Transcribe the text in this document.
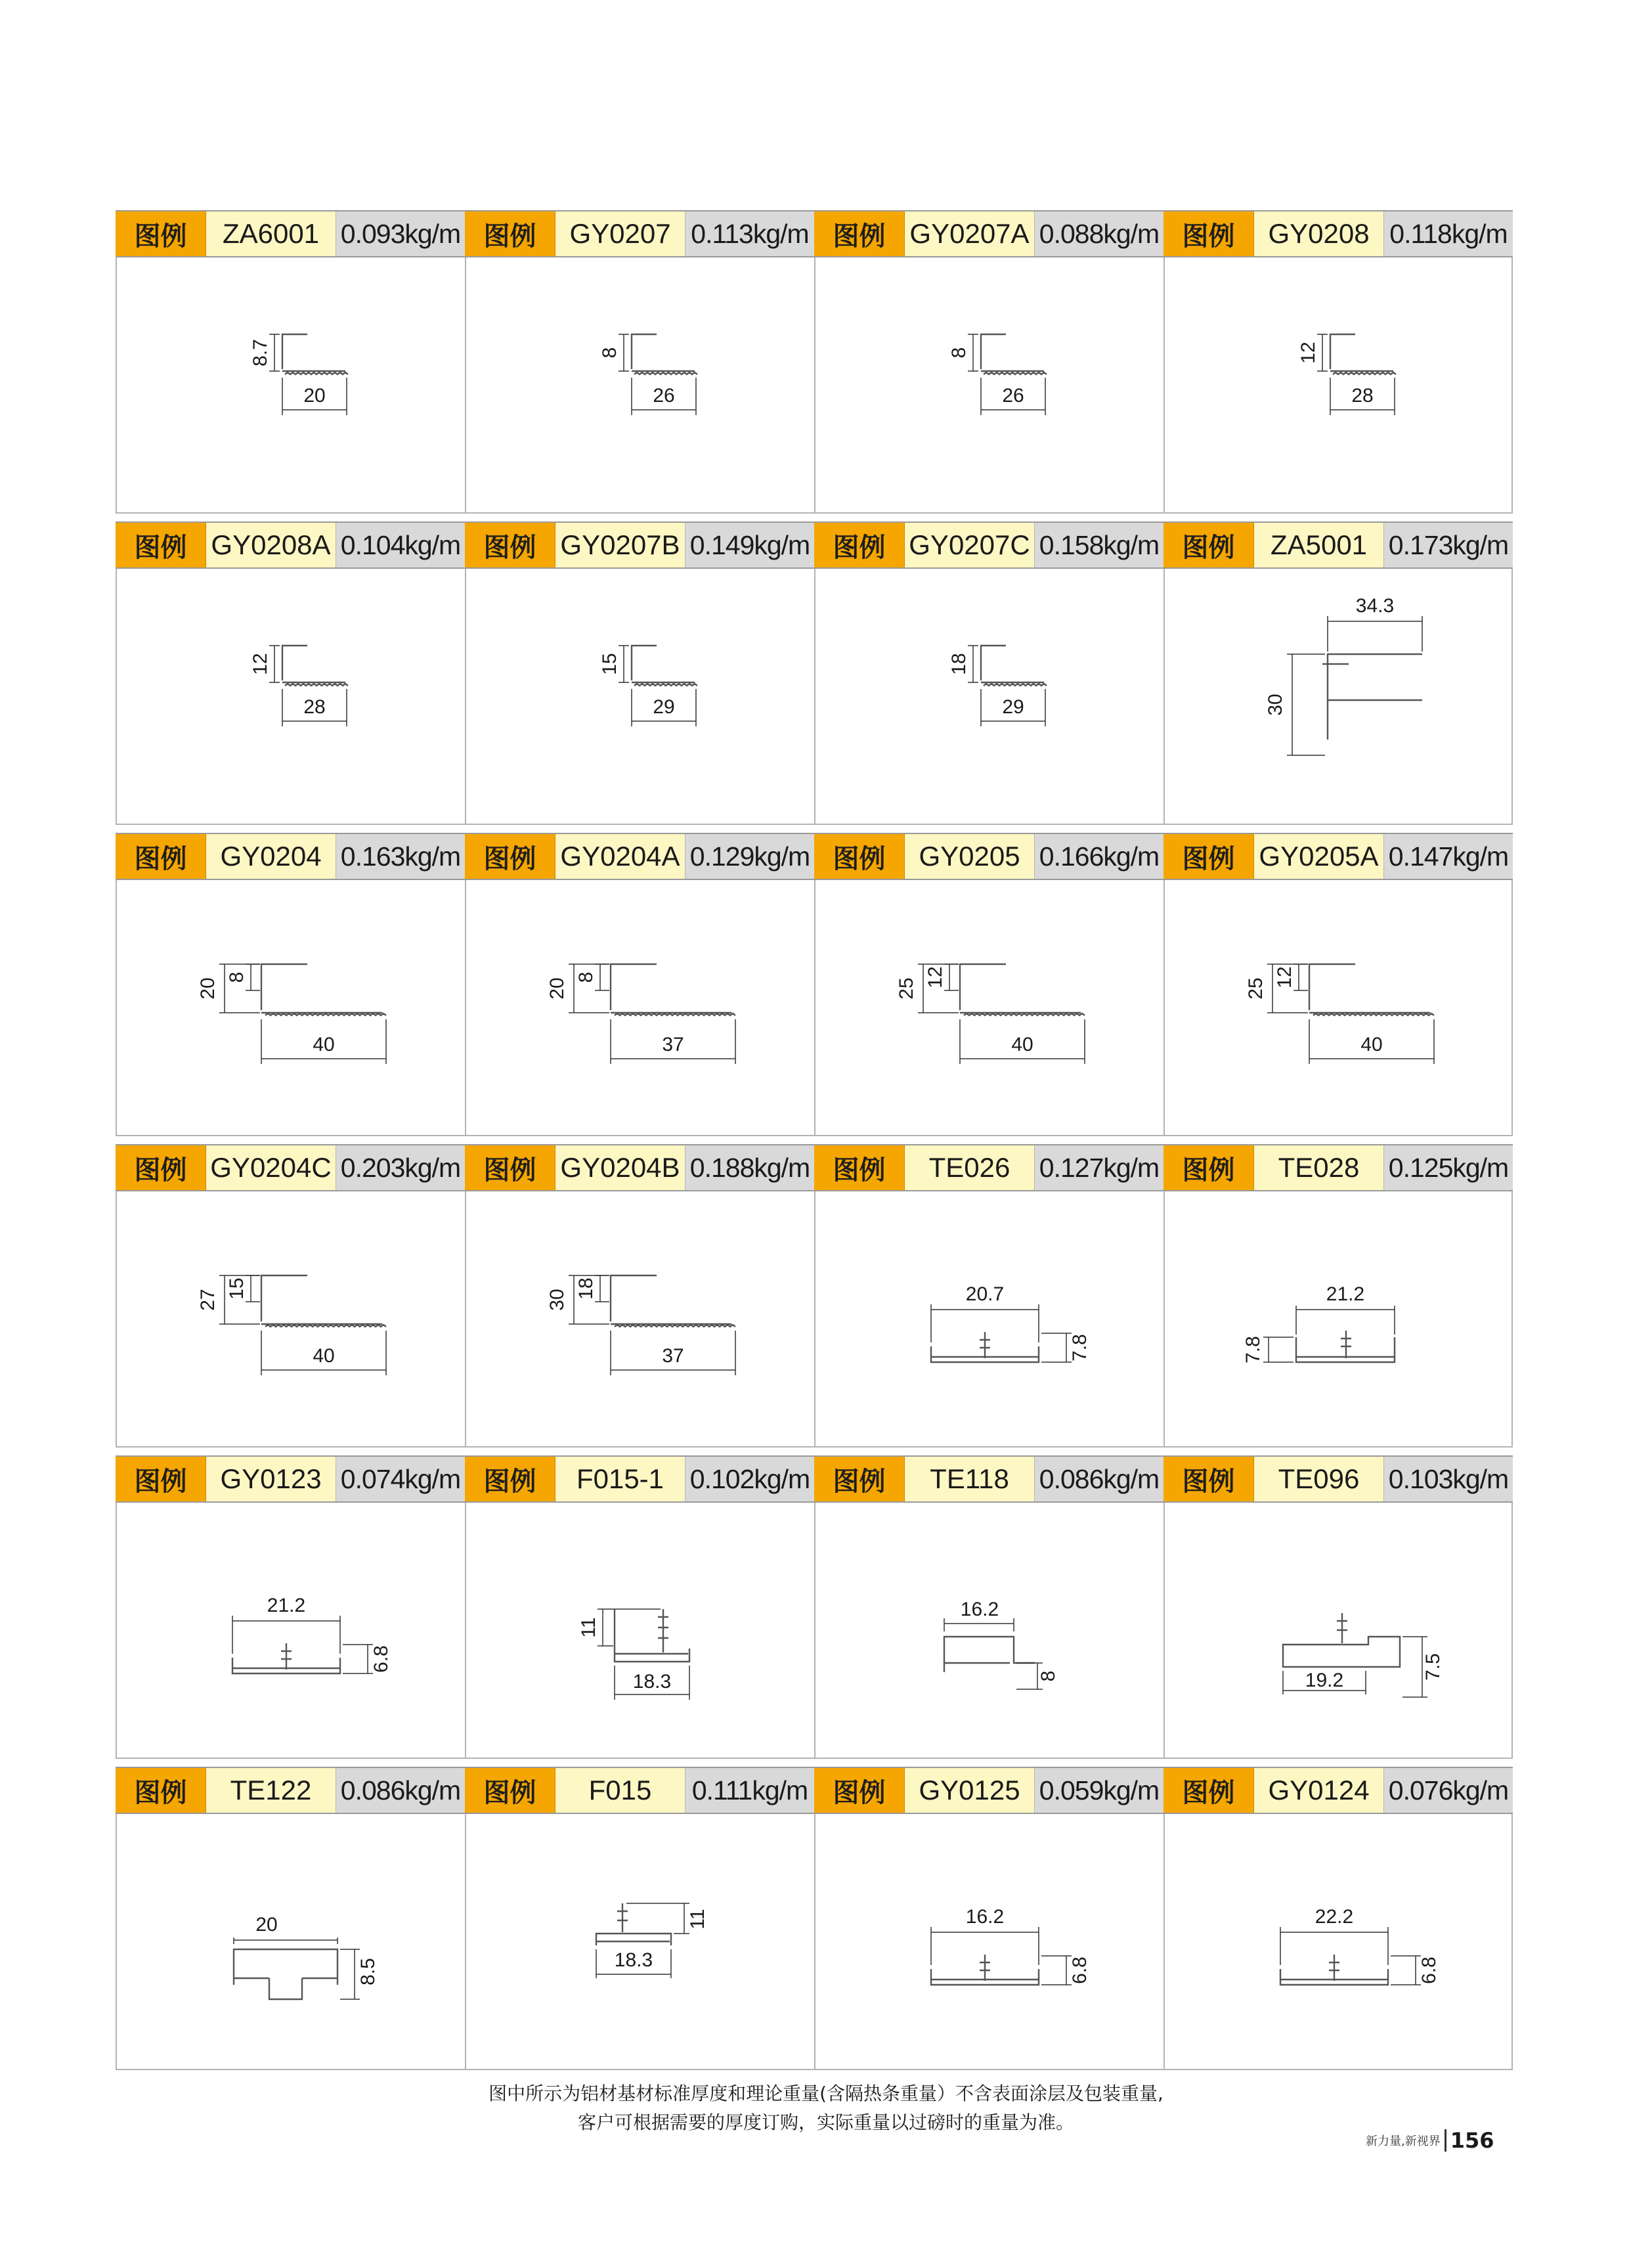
图例	ZA6001 0.093kg/m
8.7
20
图例	GY0207 0.113kg/m
8
26
图例 GY0207A 0.088kg/m
8
26
图例	GY0208 0.118kg/m
12
28
图例 GY0208A 0.104kg/m
12
28
图例 GY0207B 0.149kg/m
15
29
图例 GY0207C 0.158kg/m
18
29
图例	ZA5001 0.173kg/m
34.3
30
图例	GY0204 0.163kg/m
20
8
40
图例 GY0204A 0.129kg/m
20
8
37
图例	GY0205 0.166kg/m
25
12
40
图例 GY0205A 0.147kg/m
25
12
40
图例 GY0204C 0.203kg/m
27
15
40
图例 GY0204B 0.188kg/m
30
18
37
图例	TE026	0.127kg/m
20.7
7.8
图例	TE028	0.125kg/m
21.2
7.8
图例	GY0123 0.074kg/m
21.2
6.8
图例	F015-1 0.102kg/m
11
18.3
图例	TE118	0.086kg/m
16.2
8
图例	TE096	0.103kg/m
19.2	7.5
图例	TE122	0.086kg/m
20
8.5
图例	F015	0.111kg/m
18.3
11
图例	GY0125 0.059kg/m
16.2
6.8
图例	GY0124 0.076kg/m
22.2
6.8
图中所示为铝材基材标准厚度和理论重量(含隔热条重量）不含表面涂层及包装重量,
客户可根据需要的厚度订购，实际重量以过磅时的重量为准。
新力量,新视界 156
